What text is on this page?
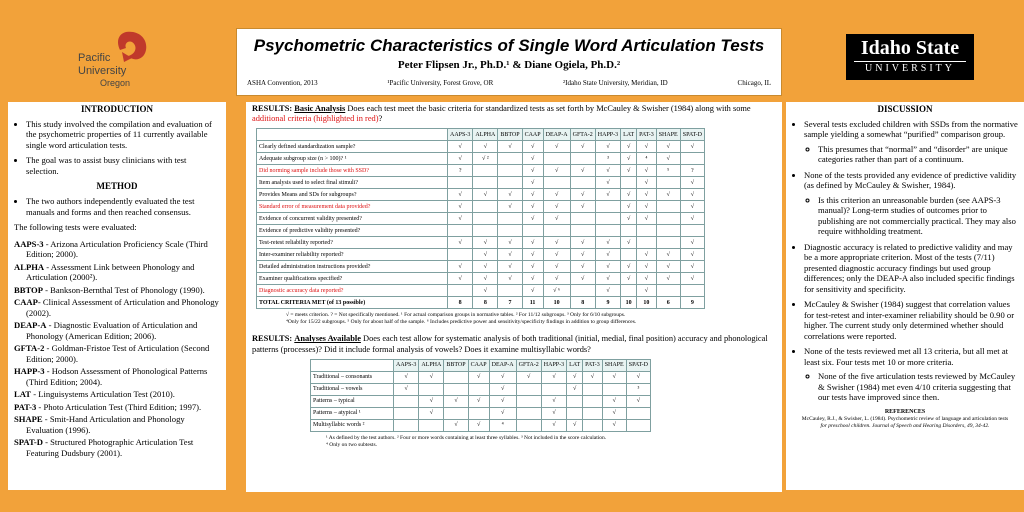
Psychometric Characteristics of Single Word Articulation Tests
Peter Flipsen Jr., Ph.D.¹ & Diane Ogiela, Ph.D.²
ASHA Convention, 2013	¹Pacific University, Forest Grove, OR	²Idaho State University, Meridian, ID	Chicago, IL
Pacific
University
Oregon
Idaho State
UNIVERSITY
INTRODUCTION
• This study involved the compilation and evaluation of the psychometric properties of 11 currently available single word articulation tests.
• The goal was to assist busy clinicians with test selection.
METHOD
• The two authors independently evaluated the test manuals and forms and then reached consensus.
The following tests were evaluated:

AAPS-3 - Arizona Articulation Proficiency Scale (Third Edition; 2000).

ALPHA - Assessment Link between Phonology and Articulation (2000²).

BBTOP - Bankson-Bernthal Test of Phonology (1990).

CAAP- Clinical Assessment of Articulation and Phonology (2002).

DEAP-A - Diagnostic Evaluation of Articulation and Phonology (American Edition; 2006).

GFTA-2 - Goldman-Fristoe Test of Articulation (Second Edition; 2000).

HAPP-3 - Hodson Assessment of Phonological Patterns (Third Edition; 2004).

LAT - Linguisystems Articulation Test (2010).

PAT-3 - Photo Articulation Test (Third Edition; 1997).

SHAPE - Smit-Hand Articulation and Phonology Evaluation (1996).

SPAT-D - Structured Photographic Articulation Test Featuring Dudsbury (2001).

RESULTS: Basic Analysis Does each test meet the basic criteria for standardized tests as set forth by McCauley & Swisher (1984) along with some additional criteria (highlighted in red)?
	AAPS-3	ALPHA	BBTOP	CAAP	DEAP-A	GFTA-2	HAPP-3	LAT	PAT-3	SHAPE	SPAT-D
Clearly defined standardization sample?	√	√	√	√	√	√	√	√	√	√	√
Adequate subgroup size (n > 100)? ¹	√	√ ²		√			³	√	⁴	√	
Did norming sample include those with SSD?	?			√	√	√	√	√	√	⁵	?
Item analysis used to select final stimuli?				√			√		√		√
Provides Means and SDs for subgroups?	√	√	√	√	√	√	√	√	√	√	√
Standard error of measurement data provided?	√		√	√	√	√		√	√		√
Evidence of concurrent validity presented?	√			√	√			√	√		√
Evidence of predictive validity presented?											
Test-retest reliability reported?	√	√	√	√	√	√	√	√			√
Inter-examiner reliability reported?		√	√	√	√	√	√		√	√	√
Detailed administration instructions provided?	√	√	√	√	√	√	√	√	√	√	√
Examiner qualifications specified?	√	√	√	√	√	√	√	√	√	√	√
Diagnostic accuracy data reported?		√		√	√ ⁶		√		√		
TOTAL CRITERIA MET (of 13 possible)	8	8	7	11	10	8	9	10	10	6	9
√ = meets criterion. ? = Not specifically mentioned. ¹ For actual comparison groups in normative tables. ² For 11/12 subgroups. ³ Only for 6/10 subgroups.
⁴Only for 15/22 subgroups. ⁵ Only for about half of the sample. ⁶ Includes predictive power and sensitivity/specificity findings in addition to group differences.
RESULTS: Analyses Available Does each test allow for systematic analysis of both traditional (initial, medial, final position) accuracy and phonological patterns (processes)? Did it include formal analysis of vowels? Does it examine multisyllabic words?
	AAPS-3	ALPHA	BBTOP	CAAP	DEAP-A	GFTA-2	HAPP-3	LAT	PAT-3	SHAPE	SPAT-D
Traditional – consonants	√	√		√	√	√	√	√	√	√	√
Traditional – vowels	√				√			√			³
Patterns – typical		√	√	√	√		√			√	√
Patterns – atypical ¹		√			√		√			√	
Multisyllabic words ²			√	√	⁴		√	√		√	
¹ As defined by the test authors. ² Four or more words containing at least three syllables. ³ Not included in the score calculation.
⁴ Only on two subtests.
DISCUSSION
• Several tests excluded children with SSDs from the normative sample yielding a somewhat “purified” comparison group.
◦ This presumes that “normal” and “disorder” are unique categories rather than part of a continuum.
• None of the tests provided any evidence of predictive validity (as defined by McCauley & Swisher, 1984).
◦ Is this criterion an unreasonable burden (see AAPS-3 manual)? Long-term studies of outcomes prior to publishing are not commercially practical. They may also require withholding treatment.
• Diagnostic accuracy is related to predictive validity and may be a more appropriate criterion. Most of the tests (7/11) presented diagnostic accuracy findings but used group differences; only the DEAP-A also included specific findings for sensitivity and specificity.
• McCauley & Swisher (1984) suggest that correlation values for test-retest and inter-examiner reliability should be 0.90 or higher. The current study only determined whether should correlations were reported.
• None of the tests reviewed met all 13 criteria, but all met at least six. Four tests met 10 or more criteria.
◦ None of the five articulation tests reviewed by McCauley & Swisher (1984) met even 4/10 criteria suggesting that our tests have improved since then.
REFERENCES
McCauley, R.J., & Swisher, L. (1984). Psychometric review of language and articulation tests
for preschool children. Journal of Speech and Hearing Disorders, 49, 34-42.
